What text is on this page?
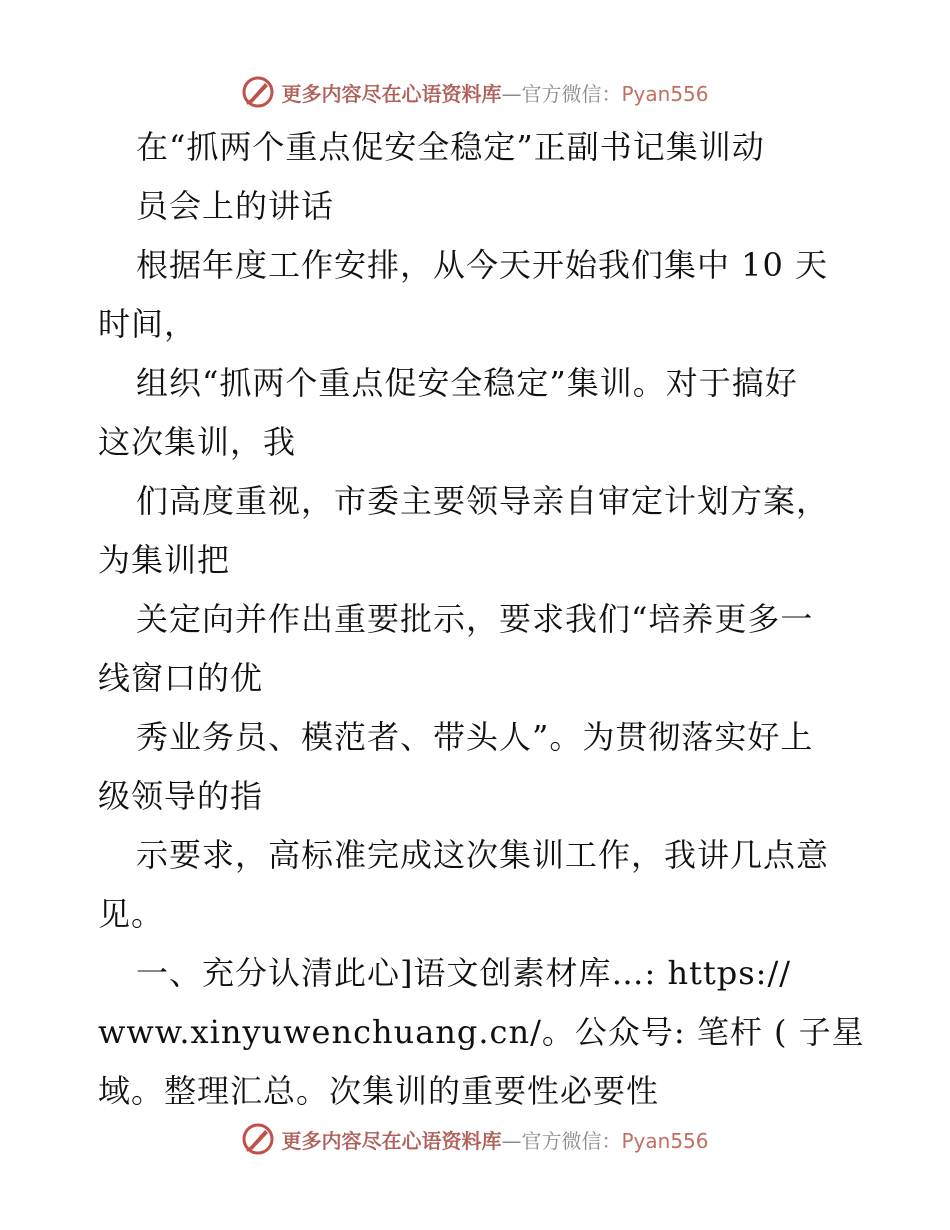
更多内容尽在心语资料库—官方微信：Pyan556
在“抓两个重点促安全稳定”正副书记集训动
员会上的讲话
根据年度工作安排，从今天开始我们集中 10 天
时间，
组织“抓两个重点促安全稳定”集训。对于搞好
这次集训，我
们高度重视，市委主要领导亲自审定计划方案，
为集训把
关定向并作出重要批示，要求我们“培养更多一
线窗口的优
秀业务员、模范者、带头人”。为贯彻落实好上
级领导的指
示要求，高标准完成这次集训工作，我讲几点意
见。
一、充分认清此心]语文创素材库…: https://
www.xinyuwenchuang.cn/。公众号: 笔杆 ( 子星
域。整理汇总。次集训的重要性必要性
更多内容尽在心语资料库—官方微信：Pyan556
